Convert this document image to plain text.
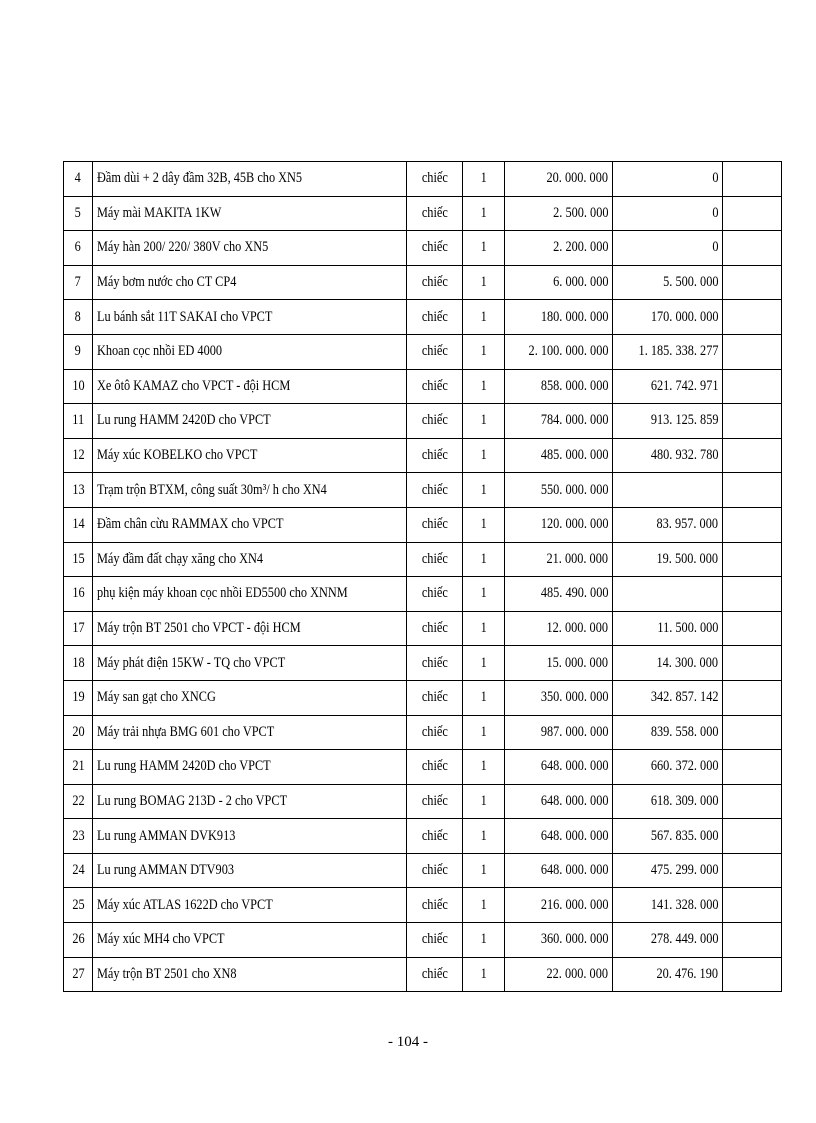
4	Đầm dùi + 2 dây đầm 32B, 45B cho XN5	chiếc	1	20. 000. 000	0	
5	Máy mài MAKITA 1KW	chiếc	1	2. 500. 000	0	
6	Máy hàn 200/ 220/ 380V cho XN5	chiếc	1	2. 200. 000	0	
7	Máy bơm nước cho CT CP4	chiếc	1	6. 000. 000	5. 500. 000	
8	Lu bánh sắt 11T SAKAI cho VPCT	chiếc	1	180. 000. 000	170. 000. 000	
9	Khoan cọc nhồi ED 4000	chiếc	1	2. 100. 000. 000	1. 185. 338. 277	
10	Xe ôtô KAMAZ cho VPCT - đội HCM	chiếc	1	858. 000. 000	621. 742. 971	
11	Lu rung HAMM 2420D cho VPCT	chiếc	1	784. 000. 000	913. 125. 859	
12	Máy xúc KOBELKO cho VPCT	chiếc	1	485. 000. 000	480. 932. 780	
13	Trạm trộn BTXM, công suất 30m³/ h cho XN4	chiếc	1	550. 000. 000		
14	Đầm chân cừu RAMMAX cho VPCT	chiếc	1	120. 000. 000	83. 957. 000	
15	Máy đầm đất chạy xăng cho XN4	chiếc	1	21. 000. 000	19. 500. 000	
16	phụ kiện máy khoan cọc nhồi ED5500 cho XNNM	chiếc	1	485. 490. 000		
17	Máy trộn BT 2501 cho VPCT - đội HCM	chiếc	1	12. 000. 000	11. 500. 000	
18	Máy phát điện 15KW - TQ cho VPCT	chiếc	1	15. 000. 000	14. 300. 000	
19	Máy san gạt cho XNCG	chiếc	1	350. 000. 000	342. 857. 142	
20	Máy trải nhựa BMG 601 cho VPCT	chiếc	1	987. 000. 000	839. 558. 000	
21	Lu rung HAMM 2420D cho VPCT	chiếc	1	648. 000. 000	660. 372. 000	
22	Lu rung BOMAG 213D - 2 cho VPCT	chiếc	1	648. 000. 000	618. 309. 000	
23	Lu rung AMMAN DVK913	chiếc	1	648. 000. 000	567. 835. 000	
24	Lu rung AMMAN DTV903	chiếc	1	648. 000. 000	475. 299. 000	
25	Máy xúc ATLAS 1622D cho VPCT	chiếc	1	216. 000. 000	141. 328. 000	
26	Máy xúc MH4 cho VPCT	chiếc	1	360. 000. 000	278. 449. 000	
27	Máy trộn BT 2501 cho XN8	chiếc	1	22. 000. 000	20. 476. 190	
- 104 -
